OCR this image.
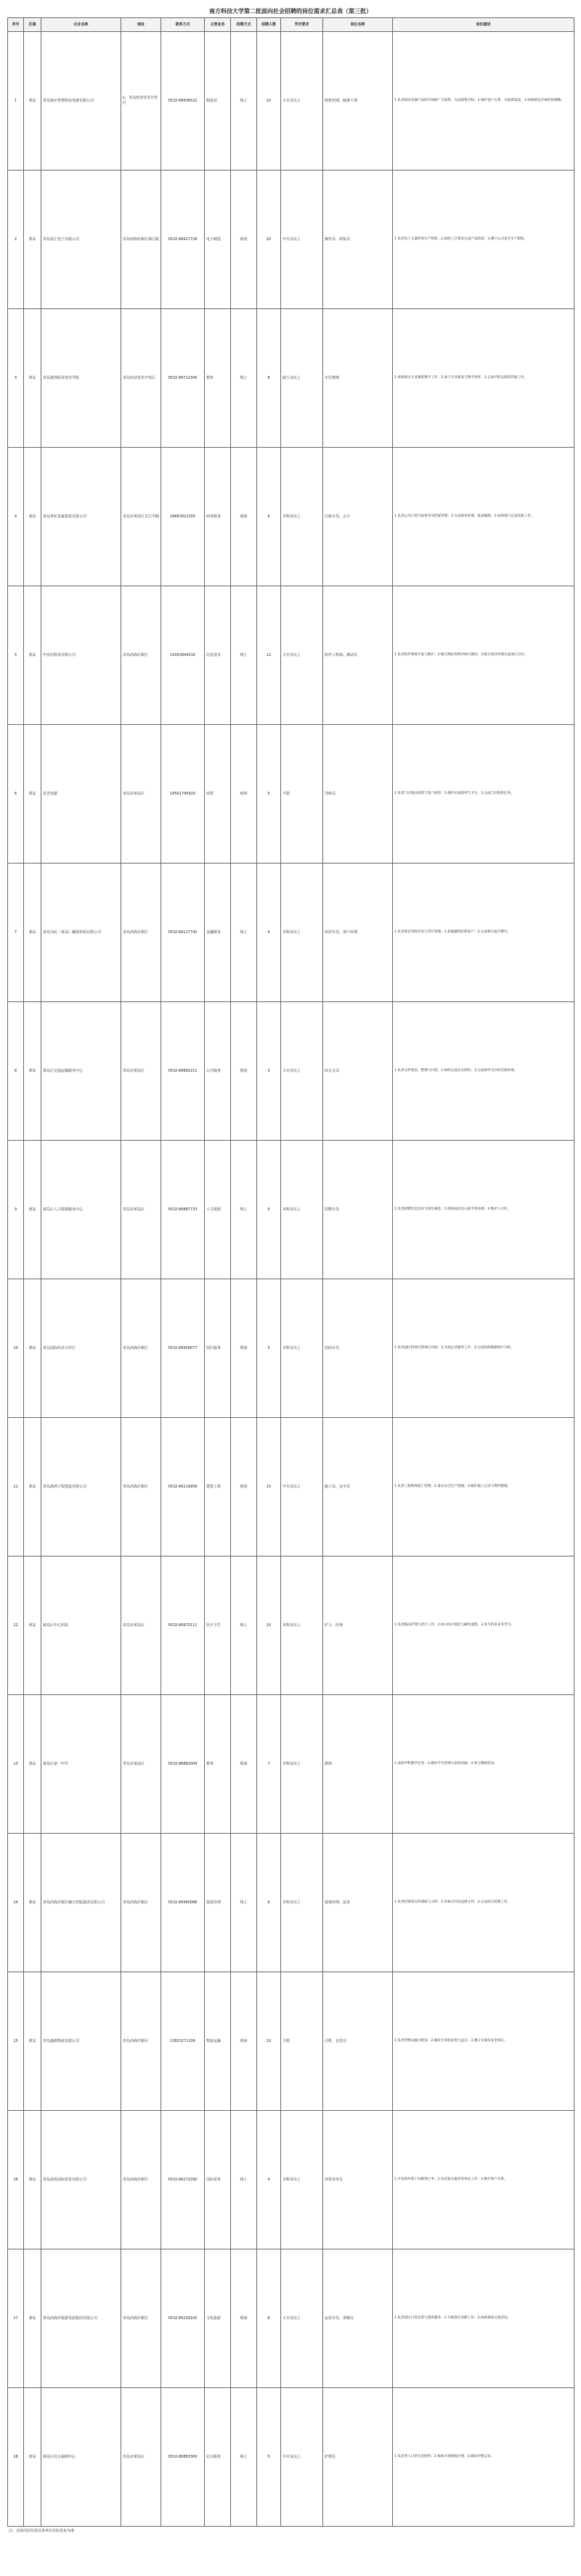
南方科技大学第二批面向社会招聘的岗位需求汇总表（第三批）
序号	区域	企业名称	地址	联系方式	主营业务	招聘方式	招聘人数	学历要求	岗位名称	岗位描述
1	黄岛	青岛海尔智慧厨房电器有限公司	1、青岛经济技术开发区	0532-88936522	制造业	线上	10	大专及以上	销售经理、储备干部	1.负责厨房电器产品的市场推广与销售，完成销售目标；2.维护客户关系，开拓新渠道；3.协助制定区域营销策略。
2	黄岛	青岛星汇电子有限公司	青岛西海岸新区珠江路	0532-86917728	电子制造	现场	20	中专及以上	操作员、质检员	1.负责电子元器件的生产组装；2.按照工艺要求完成产品检验；3.遵守公司安全生产制度。
3	黄岛	青岛港湾职业技术学院	青岛经济技术开发区	0532-86712345	教育	线上	8	硕士及以上	专任教师	1.承担相关专业课程教学工作；2.参与专业建设与教学改革；3.完成学院安排的其他工作。
4	黄岛	青岛世纪星豪投资有限公司	青岛市黄岛区长江中路	18663912205	商务服务	现场	6	本科及以上	行政专员、会计	1.负责公司日常行政事务及档案管理；2.完成账务处理、报表编制；3.协助部门完成其他工作。
5	黄岛	中安信科技有限公司	青岛西海岸新区	15063994516	信息技术	线上	12	大专及以上	软件工程师、测试员	1.负责软件系统开发与维护；2.编写测试用例并执行测试；3.配合项目经理完成项目交付。
6	黄岛	星光电器	青岛市黄岛区	18561795920	商贸	现场	5	不限	导购员	1.负责门店商品销售与客户接待；2.维护店面陈列与卫生；3.完成门店销售任务。
7	黄岛	青岛为民（黄岛）融资担保有限公司	青岛西海岸新区	0532-86117740	金融服务	线上	4	本科及以上	风控专员、客户经理	1.负责项目风险评估与贷后管理；2.拓展融资担保客户；3.完成相关报告撰写。
8	黄岛	黄岛区交通运输服务中心	青岛市黄岛区	0532-86882211	公共服务	现场	3	大专及以上	综合文员	1.负责文件收发、整理与归档；2.协助完成会议组织；3.完成领导交办的其他事项。
9	黄岛	黄岛区人力资源服务中心	青岛市黄岛区	0532-86887733	人力资源	线上	6	本科及以上	招聘专员	1.负责招聘信息发布与简历筛选；2.组织面试及入职手续办理；3.维护人才库。
10	黄岛	青岛国际经济合作区	青岛西海岸新区	0532-86956677	园区服务	现场	5	本科及以上	招商专员	1.负责园区招商引资项目对接；2.开展企业服务工作；3.完成招商数据统计分析。
11	黄岛	青岛海湾工程建设有限公司	青岛西海岸新区	0532-86119958	建筑工程	现场	15	中专及以上	施工员、安全员	1.负责工程现场施工管理；2.落实安全生产措施；3.做好施工记录与资料整理。
12	黄岛	黄岛区中心医院	青岛市黄岛区	0532-86975111	医疗卫生	线上	10	本科及以上	护士、医师	1.负责临床护理与诊疗工作；2.执行医疗规范与操作流程；3.参与科室业务学习。
13	黄岛	黄岛区第一中学	青岛市黄岛区	0532-86882009	教育	现场	7	本科及以上	教师	1.承担学科教学任务；2.做好学生管理与家校沟通；3.参与教研活动。
14	黄岛	青岛西海岸新区融合控股集团有限公司	青岛西海岸新区	0532-86960088	投资管理	线上	6	本科及以上	投资经理、法务	1.负责投资项目的调研与分析；2.审核合同及法律文件；3.完成投后管理工作。
15	黄岛	青岛鑫源物流有限公司	青岛西海岸新区	13853271106	物流运输	现场	10	不限	司机、仓管员	1.负责货物运输与配送；2.做好仓库收发货与盘点；3.遵守交通及安全规定。
16	黄岛	青岛海发国际贸易有限公司	青岛西海岸新区	0532-86172290	国际贸易	线上	4	本科及以上	外贸业务员	1.开发海外客户并跟进订单；2.负责报关报检等单证工作；3.维护客户关系。
17	黄岛	青岛西海岸旅游发展集团有限公司	青岛西海岸新区	0532-86159100	文化旅游	现场	8	大专及以上	运营专员、讲解员	1.负责景区日常运营与游客服务；2.开展景区讲解工作；3.协助策划文旅活动。
18	黄岛	黄岛区社会福利中心	青岛市黄岛区	0532-86883300	社会服务	线上	5	中专及以上	护理员	1.负责老人日常生活照料；2.协助开展康复护理；3.做好护理记录。
注：具体岗位信息以各单位实际发布为准
